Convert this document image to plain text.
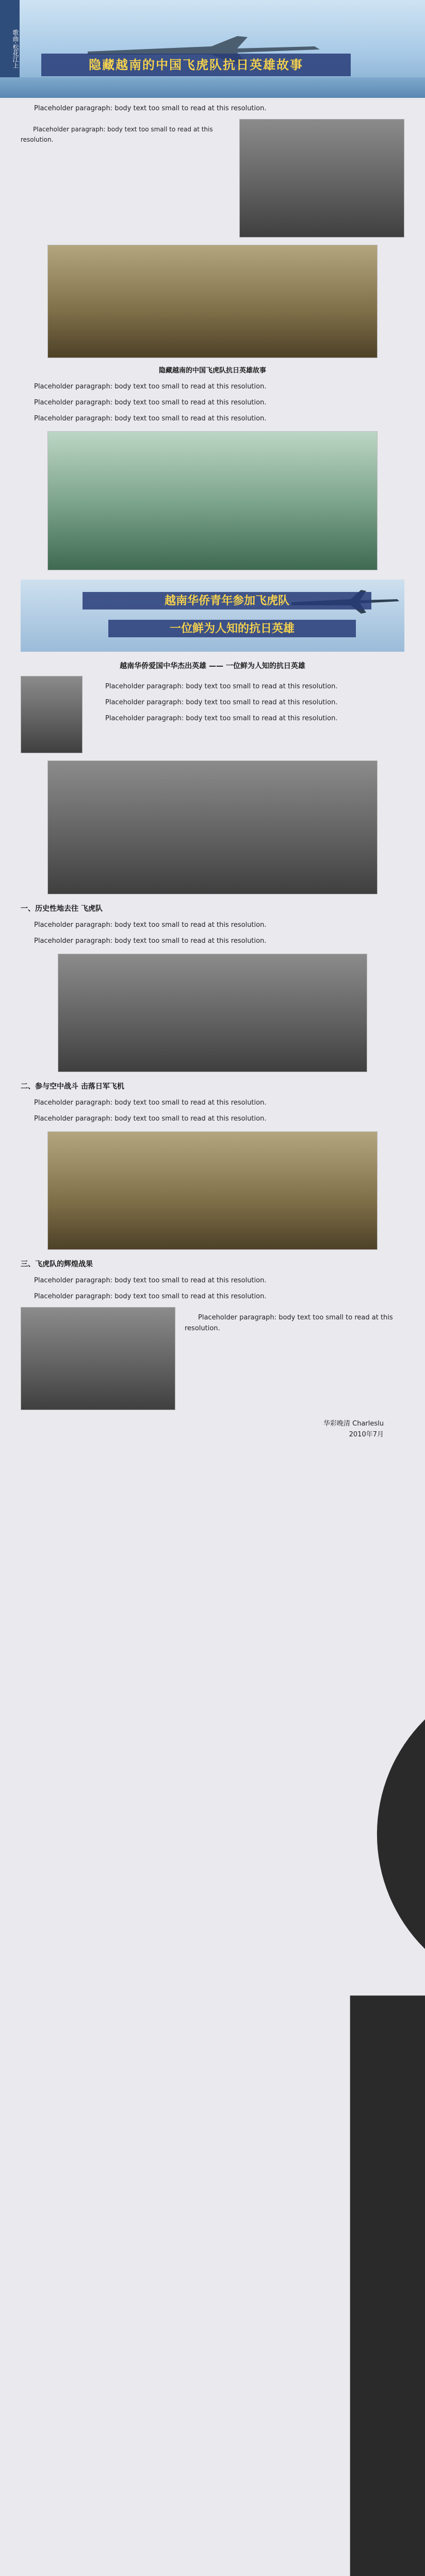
歌曲·松花江上	隐藏越南的中国飞虎队抗日英雄故事

Placeholder paragraph: body text too small to read at this resolution.

Placeholder paragraph: body text too small to read at this resolution.

隐藏越南的中国飞虎队抗日英雄故事

Placeholder paragraph: body text too small to read at this resolution.

Placeholder paragraph: body text too small to read at this resolution.

Placeholder paragraph: body text too small to read at this resolution.

越南华侨青年参加飞虎队
一位鲜为人知的抗日英雄
越南华侨爱国中华杰出英雄 —— 一位鲜为人知的抗日英雄

Placeholder paragraph: body text too small to read at this resolution.

Placeholder paragraph: body text too small to read at this resolution.

Placeholder paragraph: body text too small to read at this resolution.

一、历史性地去往 飞虎队

Placeholder paragraph: body text too small to read at this resolution.

Placeholder paragraph: body text too small to read at this resolution.

二、参与空中战斗 击落日军飞机

Placeholder paragraph: body text too small to read at this resolution.

Placeholder paragraph: body text too small to read at this resolution.

三、飞虎队的辉煌战果

Placeholder paragraph: body text too small to read at this resolution.

Placeholder paragraph: body text too small to read at this resolution.

Placeholder paragraph: body text too small to read at this resolution.

华彩晚清 Charleslu
2010年7月
